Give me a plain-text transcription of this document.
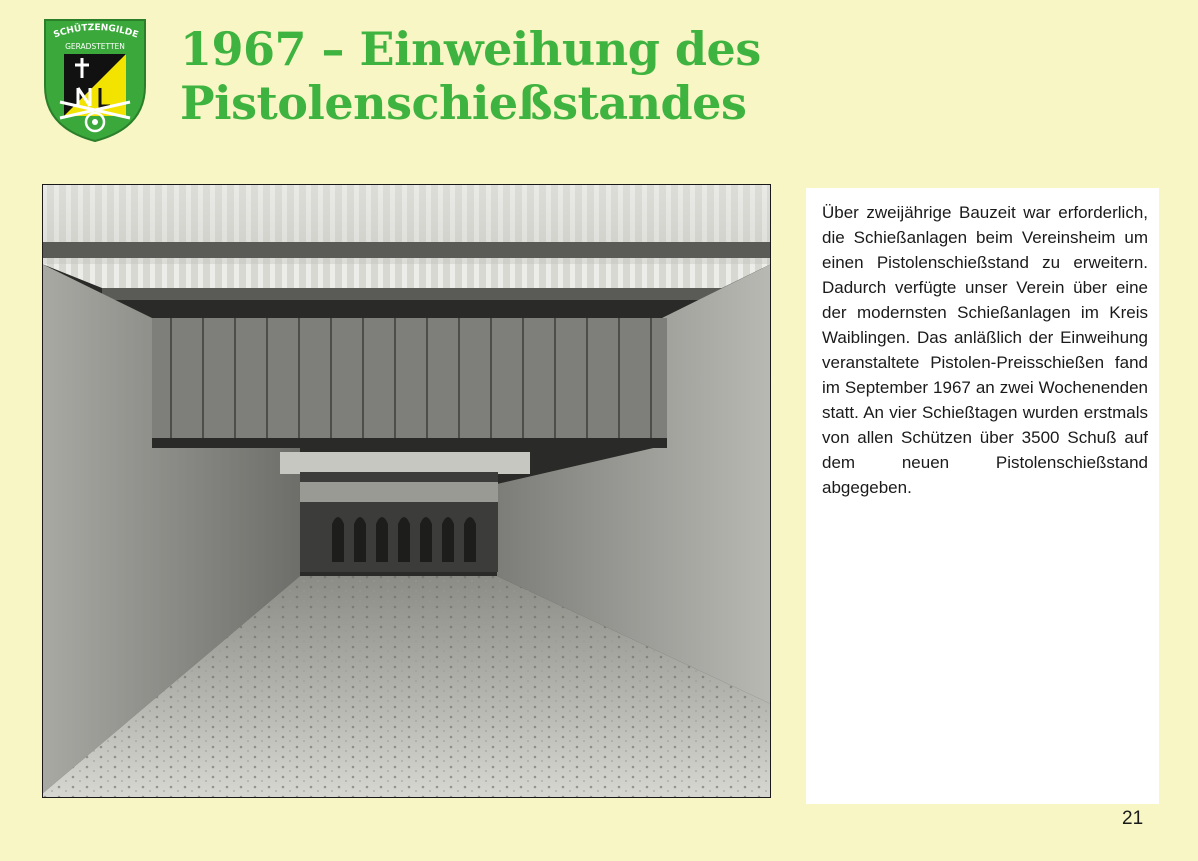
SCHÜTZENGILDE
GERADSTETTEN 1967 – Einweihung des
Pistolenschießstandes
Über zweijährige Bauzeit war erforderlich, die Schießanlagen beim Vereinsheim um einen Pistolenschießstand zu erweitern. Dadurch verfügte unser Verein über eine der modernsten Schießanlagen im Kreis Waiblingen. Das anläßlich der Einweihung veranstaltete Pistolen-Preisschießen fand im September 1967 an zwei Wochenenden statt. An vier Schießtagen wurden erstmals von allen Schützen über 3500 Schuß auf dem neuen Pistolenschießstand abgegeben.
21
